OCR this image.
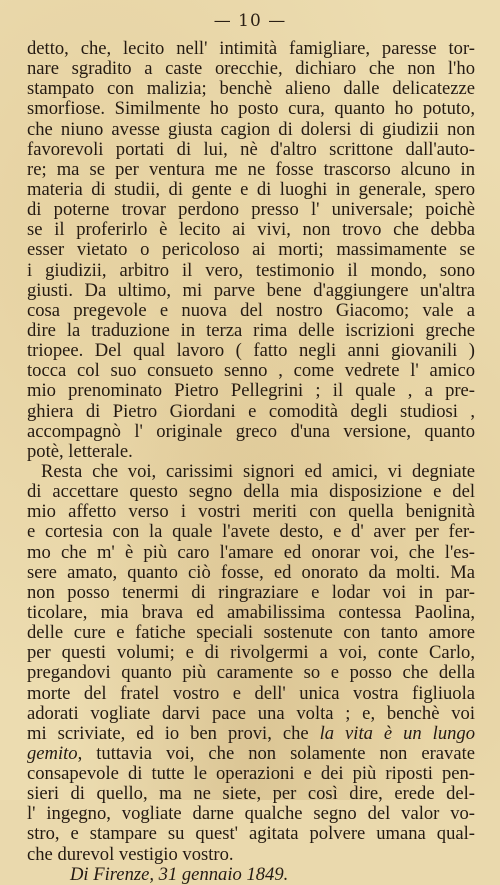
— 10 —
detto, che, lecito nell' intimità famigliare, paresse tor-
nare sgradito a caste orecchie, dichiaro che non l'ho
stampato con malizia; benchè alieno dalle delicatezze
smorfiose. Similmente ho posto cura, quanto ho potuto,
che niuno avesse giusta cagion di dolersi di giudizii non
favorevoli portati di lui, nè d'altro scrittone dall'auto-
re; ma se per ventura me ne fosse trascorso alcuno in
materia di studii, di gente e di luoghi in generale, spero
di poterne trovar perdono presso l' universale; poichè
se il proferirlo è lecito ai vivi, non trovo che debba
esser vietato o pericoloso ai morti; massimamente se
i giudizii, arbitro il vero, testimonio il mondo, sono
giusti. Da ultimo, mi parve bene d'aggiungere un'altra
cosa pregevole e nuova del nostro Giacomo; vale a
dire la traduzione in terza rima delle iscrizioni greche
triopee. Del qual lavoro ( fatto negli anni giovanili )
tocca col suo consueto senno , come vedrete l' amico
mio prenominato Pietro Pellegrini ; il quale , a pre-
ghiera di Pietro Giordani e comodità degli studiosi ,
accompagnò l' originale greco d'una versione, quanto
potè, letterale.
Resta che voi, carissimi signori ed amici, vi degniate
di accettare questo segno della mia disposizione e del
mio affetto verso i vostri meriti con quella benignità
e cortesia con la quale l'avete desto, e d' aver per fer-
mo che m' è più caro l'amare ed onorar voi, che l'es-
sere amato, quanto ciò fosse, ed onorato da molti. Ma
non posso tenermi di ringraziare e lodar voi in par-
ticolare, mia brava ed amabilissima contessa Paolina,
delle cure e fatiche speciali sostenute con tanto amore
per questi volumi; e di rivolgermi a voi, conte Carlo,
pregandovi quanto più caramente so e posso che della
morte del fratel vostro e dell' unica vostra figliuola
adorati vogliate darvi pace una volta ; e, benchè voi
mi scriviate, ed io ben provi, che la vita è un lungo
gemito, tuttavia voi, che non solamente non eravate
consapevole di tutte le operazioni e dei più riposti pen-
sieri di quello, ma ne siete, per così dire, erede del-
l' ingegno, vogliate darne qualche segno del valor vo-
stro, e stampare su quest' agitata polvere umana qual-
che durevol vestigio vostro.
Di Firenze, 31 gennaio 1849.
